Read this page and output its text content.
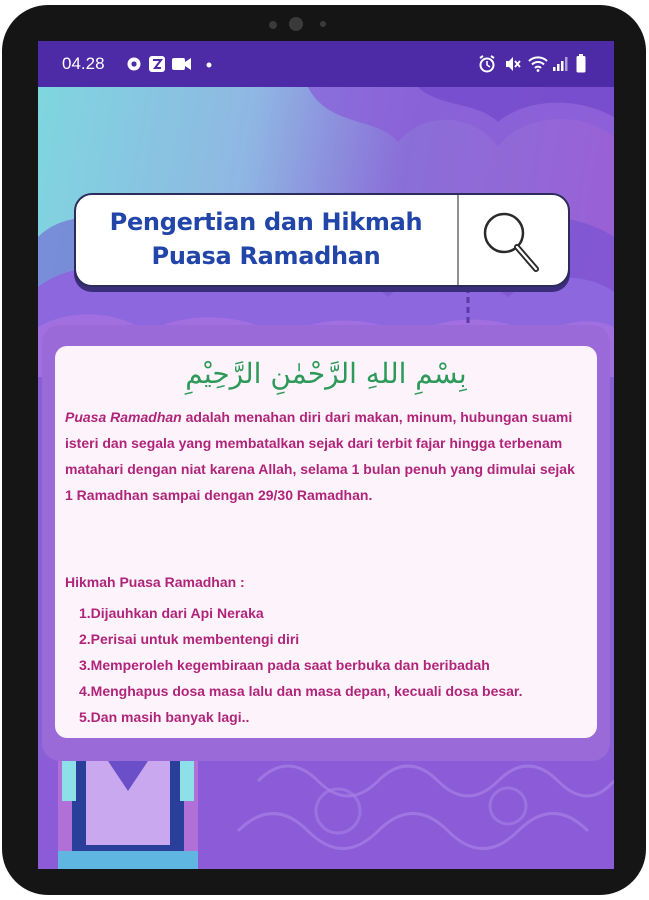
04.28
Pengertian dan Hikmah
Puasa Ramadhan
بِسْمِ اللهِ الرَّحْمٰنِ الرَّحِيْمِ
Puasa Ramadhan adalah menahan diri dari makan, minum, hubungan suami isteri dan segala yang membatalkan sejak dari terbit fajar hingga terbenam matahari dengan niat karena Allah, selama 1 bulan penuh yang dimulai sejak 1 Ramadhan sampai dengan 29/30 Ramadhan.
Hikmah Puasa Ramadhan :
1.Dijauhkan dari Api Neraka
2.Perisai untuk membentengi diri
3.Memperoleh kegembiraan pada saat berbuka dan beribadah
4.Menghapus dosa masa lalu dan masa depan, kecuali dosa besar.
5.Dan masih banyak lagi..
